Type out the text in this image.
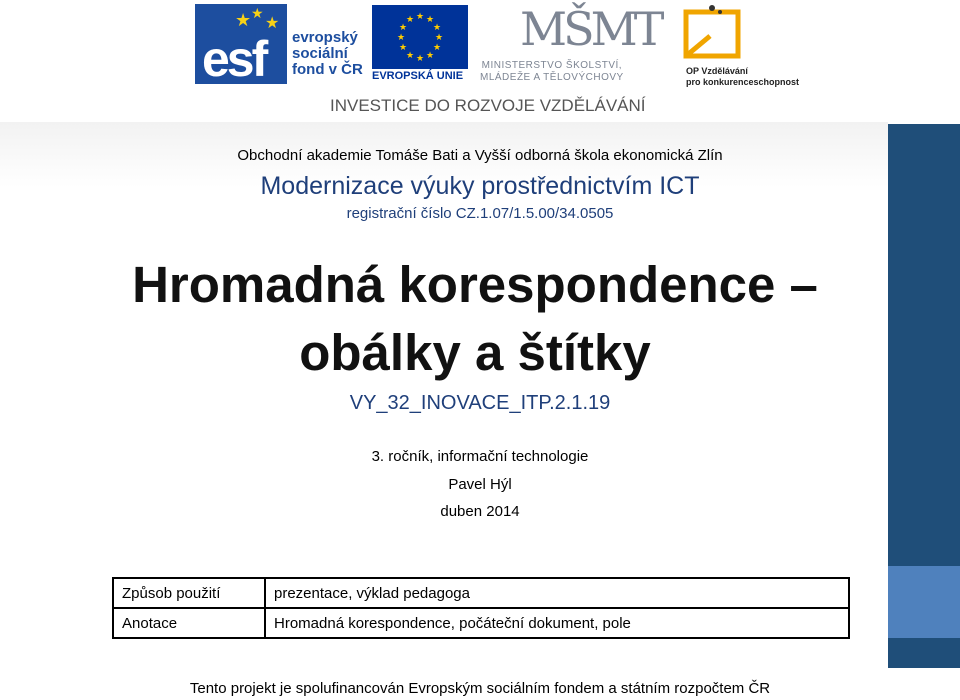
★ ★
★
esf evropský
sociální
fond v ČR
★ ★
★
★
★
★
★
★
★
★
★
★
EVROPSKÁ UNIE
MŠMT
MINISTERSTVO ŠKOLSTVÍ,
MLÁDEŽE A TĚLOVÝCHOVY
OP Vzdělávání
pro konkurenceschopnost
INVESTICE DO ROZVOJE VZDĚLÁVÁNÍ
Obchodní akademie Tomáše Bati a Vyšší odborná škola ekonomická Zlín
Modernizace výuky prostřednictvím ICT
registrační číslo CZ.1.07/1.5.00/34.0505
Hromadná korespondence –
obálky a štítky
VY_32_INOVACE_ITP.2.1.19
3. ročník, informační technologie
Pavel Hýl
duben 2014
Způsob použití	prezentace, výklad pedagoga
Anotace	Hromadná korespondence, počáteční dokument, pole
Tento projekt je spolufinancován Evropským sociálním fondem a státním rozpočtem ČR
